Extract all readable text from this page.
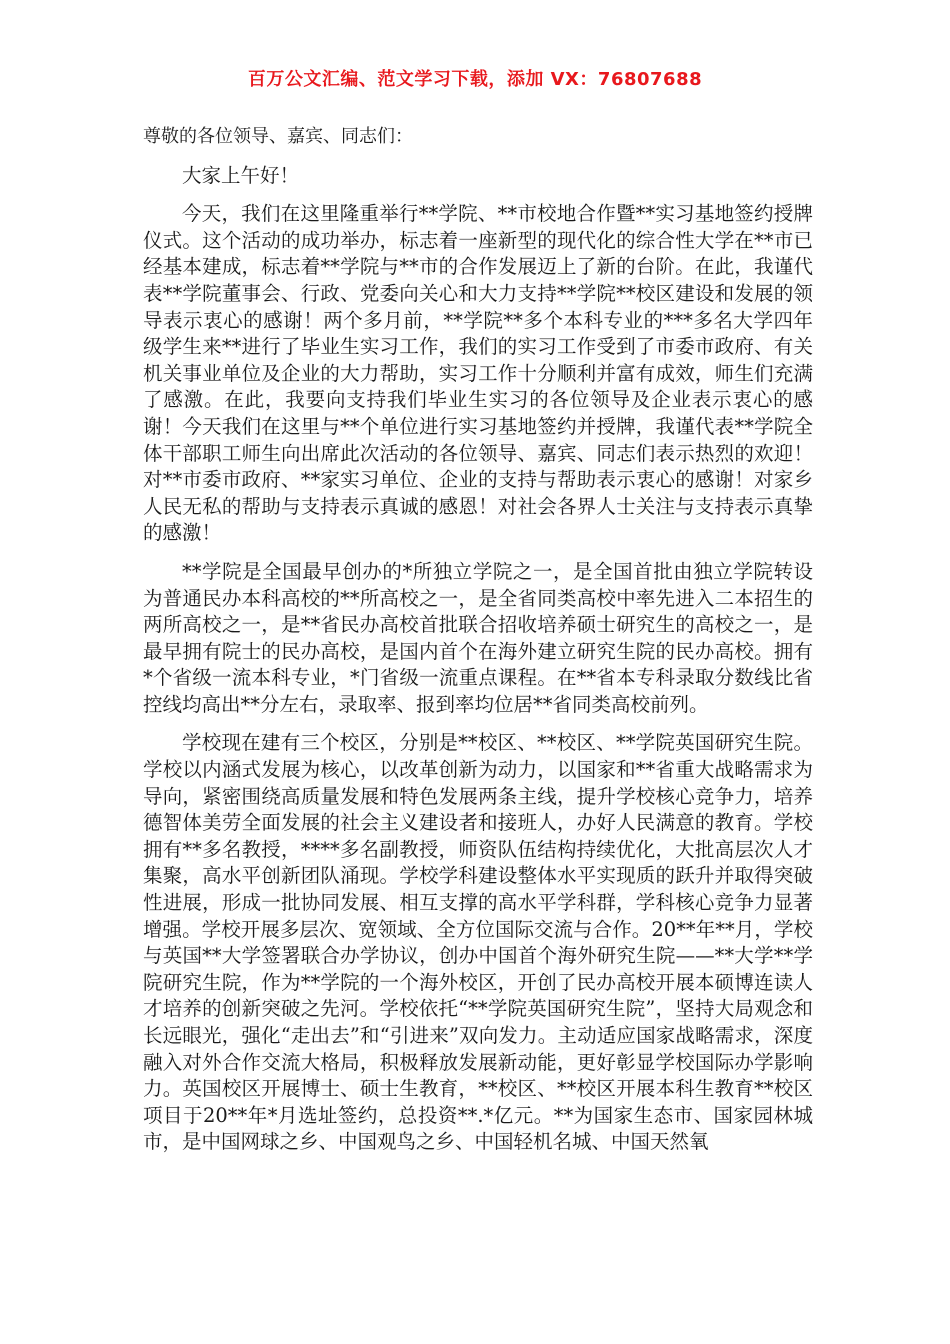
百万公文汇编、范文学习下载，添加 VX：76807688

尊敬的各位领导、嘉宾、同志们：

大家上午好！

今天，我们在这里隆重举行**学院、**市校地合作暨**实习基地签约授牌仪式。这个活动的成功举办，标志着一座新型的现代化的综合性大学在**市已经基本建成，标志着**学院与**市的合作发展迈上了新的台阶。在此，我谨代表**学院董事会、行政、党委向关心和大力支持**学院**校区建设和发展的领导表示衷心的感谢！两个多月前，**学院**多个本科专业的***多名大学四年级学生来**进行了毕业生实习工作，我们的实习工作受到了市委市政府、有关机关事业单位及企业的大力帮助，实习工作十分顺利并富有成效，师生们充满了感激。在此，我要向支持我们毕业生实习的各位领导及企业表示衷心的感谢！今天我们在这里与**个单位进行实习基地签约并授牌，我谨代表**学院全体干部职工师生向出席此次活动的各位领导、嘉宾、同志们表示热烈的欢迎！对**市委市政府、**家实习单位、企业的支持与帮助表示衷心的感谢！对家乡人民无私的帮助与支持表示真诚的感恩！对社会各界人士关注与支持表示真挚的感激！

**学院是全国最早创办的*所独立学院之一，是全国首批由独立学院转设为普通民办本科高校的**所高校之一，是全省同类高校中率先进入二本招生的两所高校之一，是**省民办高校首批联合招收培养硕士研究生的高校之一，是最早拥有院士的民办高校，是国内首个在海外建立研究生院的民办高校。拥有*个省级一流本科专业，*门省级一流重点课程。在**省本专科录取分数线比省控线均高出**分左右，录取率、报到率均位居**省同类高校前列。

学校现在建有三个校区，分别是**校区、**校区、**学院英国研究生院。学校以内涵式发展为核心，以改革创新为动力，以国家和**省重大战略需求为导向，紧密围绕高质量发展和特色发展两条主线，提升学校核心竞争力，培养德智体美劳全面发展的社会主义建设者和接班人，办好人民满意的教育。学校拥有**多名教授，****多名副教授，师资队伍结构持续优化，大批高层次人才集聚，高水平创新团队涌现。学校学科建设整体水平实现质的跃升并取得突破性进展，形成一批协同发展、相互支撑的高水平学科群，学科核心竞争力显著增强。学校开展多层次、宽领域、全方位国际交流与合作。20**年**月，学校与英国**大学签署联合办学协议，创办中国首个海外研究生院——**大学**学院研究生院，作为**学院的一个海外校区，开创了民办高校开展本硕博连读人才培养的创新突破之先河。学校依托“**学院英国研究生院”，坚持大局观念和长远眼光，强化“走出去”和“引进来”双向发力。主动适应国家战略需求，深度融入对外合作交流大格局，积极释放发展新动能，更好彰显学校国际办学影响力。英国校区开展博士、硕士生教育，**校区、**校区开展本科生教育**校区项目于20**年*月选址签约，总投资**.*亿元。**为国家生态市、国家园林城市，是中国网球之乡、中国观鸟之乡、中国轻机名城、中国天然氧
